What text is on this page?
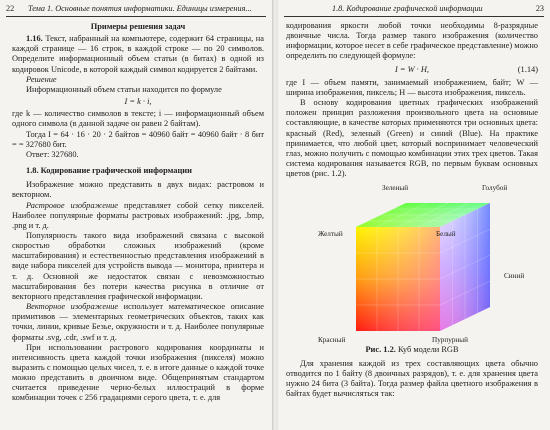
22 Тема 1. Основные понятия информатики. Единицы измерения...

Примеры решения задач

1.16. Текст, набранный на компьютере, содержит 64 страницы, на каждой странице — 16 строк, в каждой строке — по 20 символов. Определите информационный объем статьи (в битах) в одной из кодировок Unicode, в которой каждый символ кодируется 2 байтами.

Решение

Информационный объем статьи находится по формуле

I = k · i,

где k — количество символов в тексте; i — информационный объем одного символа (в данной задаче он равен 2 байтам).

Тогда I = 64 · 16 · 20 · 2 байтов = 40960 байт = 40960 байт · 8 бит = = 327680 бит.

Ответ: 327680.

1.8. Кодирование графической информации

Изображение можно представить в двух видах: растровом и векторном.

Растровое изображение представляет собой сетку пикселей. Наиболее популярные форматы растровых изображений: .jpg, .bmp, .png и т. д.

Популярность такого вида изображений связана с высокой скоростью обработки сложных изображений (кроме масштабирования) и естественностью представления изображений в виде набора пикселей для устройств вывода — монитора, принтера и т. д. Основной же недостаток связан с невозможностью масштабирования без потери качества рисунка в отличие от векторного представления графической информации.

Векторное изображение использует математическое описание примитивов — элементарных геометрических объектов, таких как точки, линии, кривые Безье, окружности и т. д. Наиболее популярные форматы .svg, .cdr, .swf и т. д.

При использовании растрового кодирования координаты и интенсивность цвета каждой точки изображения (пикселя) можно выразить с помощью целых чисел, т. е. в итоге данные о каждой точке можно представить в двоичном виде. Общепринятым стандартом считается приведение черно-белых иллюстраций в форме комбинации точек с 256 градациями серого цвета, т. е. для

1.8. Кодирование графической информации	23

кодирования яркости любой точки необходимы 8-разрядные двоичные числа. Тогда размер такого изображения (количество информации, которое несет в себе графическое представление) можно определить по следующей формуле:

I = W · H,	(1.14)

где I — объем памяти, занимаемый изображением, байт; W — ширина изображения, пиксель; H — высота изображения, пиксель.

В основу кодирования цветных графических изображений положен принцип разложения произвольного цвета на основные составляющие, в качестве которых применяются три основных цвета: красный (Red), зеленый (Green) и синий (Blue). На практике принимается, что любой цвет, который воспринимает человеческий глаз, можно получить с помощью комбинации этих трех цветов. Такая система кодирования называется RGB, по первым буквам основных цветов (рис. 1.2).

Зеленый	Голубой
Желтый	Белый
Синий
Красный	Пурпурный

Рис. 1.2. Куб модели RGB

Для хранения каждой из трех составляющих цвета обычно отводится по 1 байту (8 двоичных разрядов), т. е. для хранения цвета нужно 24 бита (3 байта). Тогда размер файла цветного изображения в байтах будет вычисляться так:
